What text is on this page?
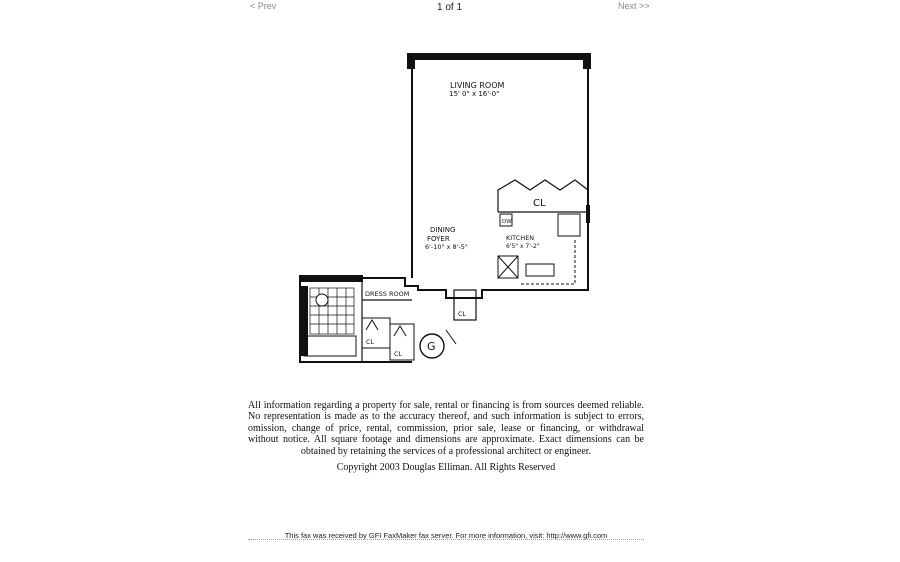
< Prev	1 of 1	Next >>
LIVING ROOM
15' 0" x 16'-0"
DINING
FOYER
6'-10" x 8'-5"
KITCHEN
6'5" x 7'-2"
CL
DW
DRESS ROOM
CL
CL
CL
G
All information regarding a property for sale, rental or financing is from sources deemed reliable. No representation is made as to the accuracy thereof, and such information is subject to errors, omission, change of price, rental, commission, prior sale, lease or financing, or withdrawal without notice. All square footage and dimensions are approximate. Exact dimensions can be obtained by retaining the services of a professional architect or engineer.
Copyright 2003 Douglas Elliman. All Rights Reserved
This fax was received by GFI FaxMaker fax server. For more information, visit: http://www.gfi.com
